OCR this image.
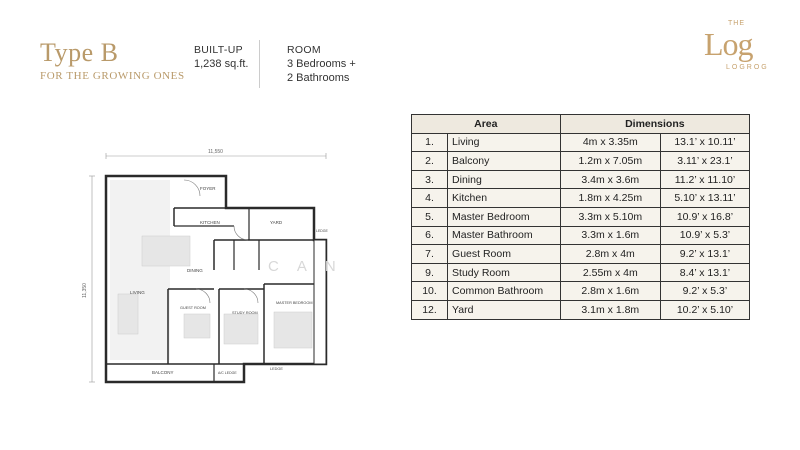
Type B
FOR THE GROWING ONES
BUILT-UP
1,238 sq.ft.
ROOM
3 Bedrooms +
2 Bathrooms
THE
Log
LOGROG
11,550
11,350
FOYER
KITCHEN	YARD
LEDGE
DINING
LIVING
GUEST ROOM
STUDY ROOM
MASTER BEDROOM
BALCONY	A/C LEDGE
LEDGE
CAN
Area		Dimensions	
1.	Living	4m x 3.35m	13.1’ x 10.11’
2.	Balcony	1.2m x 7.05m	3.11’ x 23.1’
3.	Dining	3.4m x 3.6m	11.2’ x 11.10’
4.	Kitchen	1.8m x 4.25m	5.10’ x 13.11’
5.	Master Bedroom	3.3m x 5.10m	10.9’ x 16.8’
6.	Master Bathroom	3.3m x 1.6m	10.9’ x 5.3’
7.	Guest Room	2.8m x 4m	9.2’ x 13.1’
9.	Study Room	2.55m x 4m	8.4’ x 13.1’
10.	Common Bathroom	2.8m x 1.6m	9.2’ x 5.3’
12.	Yard	3.1m x 1.8m	10.2’ x 5.10’
